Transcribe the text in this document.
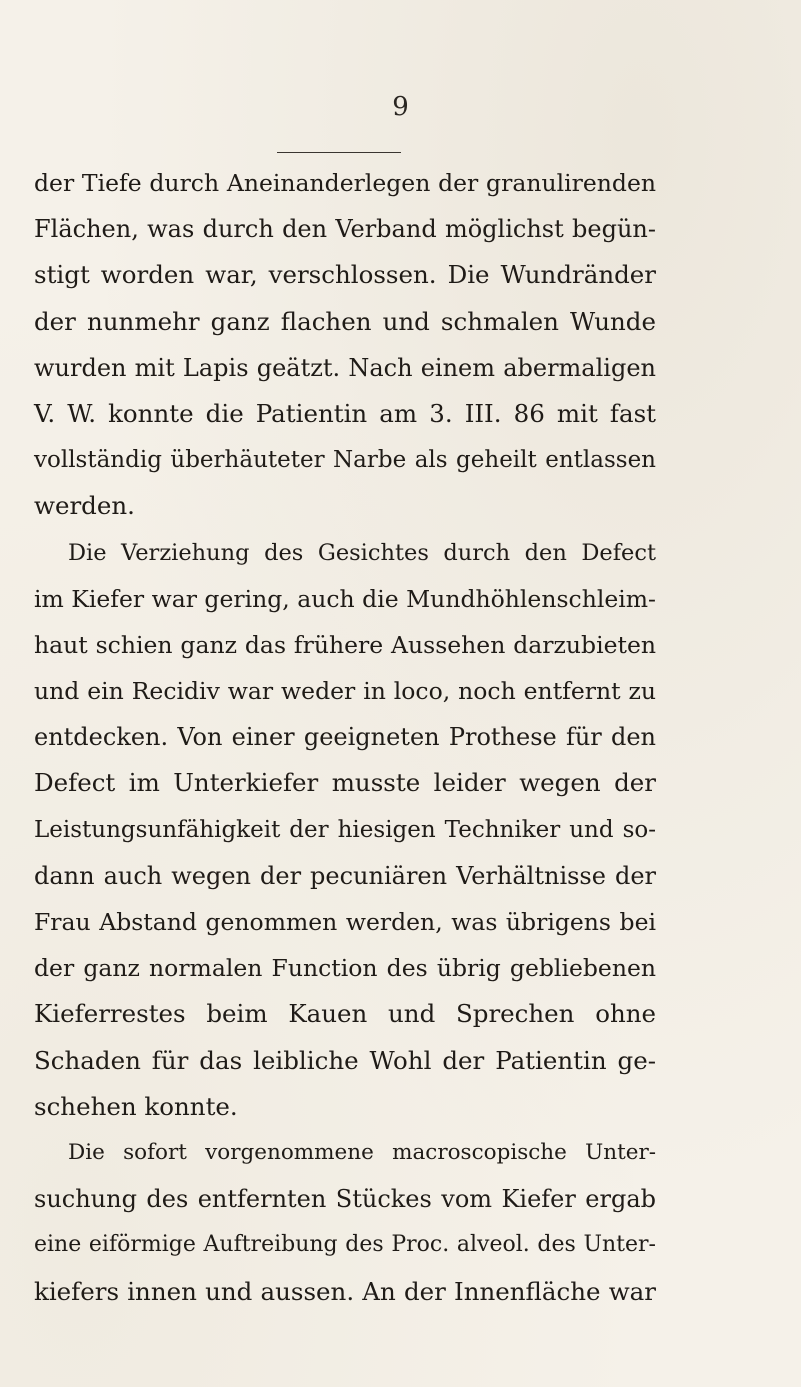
9
der Tiefe durch Aneinanderlegen der granulirenden
Flächen, was durch den Verband möglichst begün-
stigt worden war, verschlossen. Die Wundränder
der nunmehr ganz flachen und schmalen Wunde
wurden mit Lapis geätzt. Nach einem abermaligen
V. W. konnte die Patientin am 3. III. 86 mit fast
vollständig überhäuteter Narbe als geheilt entlassen
werden.
Die Verziehung des Gesichtes durch den Defect
im Kiefer war gering, auch die Mundhöhlenschleim-
haut schien ganz das frühere Aussehen darzubieten
und ein Recidiv war weder in loco, noch entfernt zu
entdecken. Von einer geeigneten Prothese für den
Defect im Unterkiefer musste leider wegen der
Leistungsunfähigkeit der hiesigen Techniker und so-
dann auch wegen der pecuniären Verhältnisse der
Frau Abstand genommen werden, was übrigens bei
der ganz normalen Function des übrig gebliebenen
Kieferrestes beim Kauen und Sprechen ohne
Schaden für das leibliche Wohl der Patientin ge-
schehen konnte.
Die sofort vorgenommene macroscopische Unter-
suchung des entfernten Stückes vom Kiefer ergab
eine eiförmige Auftreibung des Proc. alveol. des Unter-
kiefers innen und aussen. An der Innenfläche war
